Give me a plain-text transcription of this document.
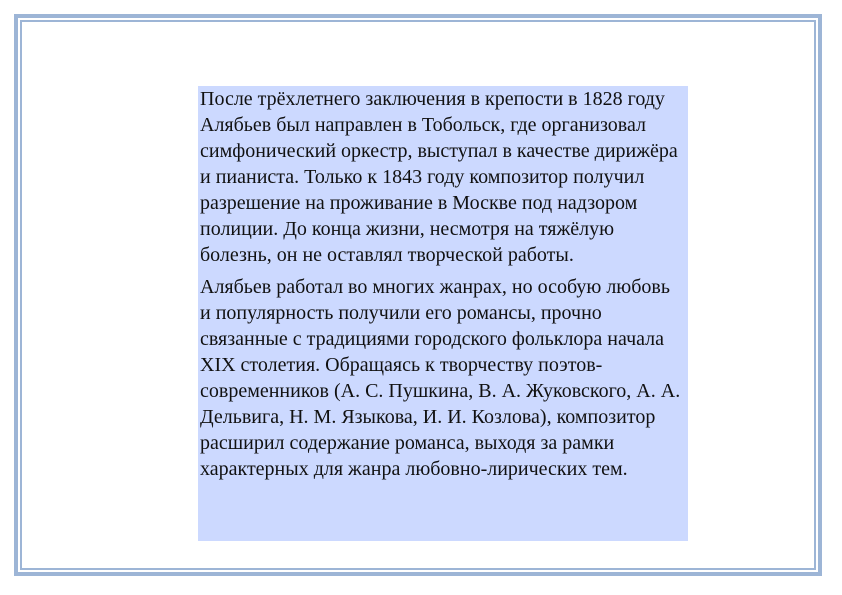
После трёхлетнего заключения в крепости в 1828 году Алябьев был направлен в Тобольск, где организовал симфонический оркестр, выступал в качестве дирижёра и пианиста. Только к 1843 году композитор получил разрешение на проживание в Москве под надзором полиции. До конца жизни, несмотря на тяжёлую болезнь, он не оставлял творческой работы.

Алябьев работал во многих жанрах, но особую любовь и популярность получили его романсы, прочно связанные с традициями городского фольклора начала XIX столетия. Обращаясь к творчеству поэтов-современников (А. С. Пушкина, В. А. Жуковского, А. А. Дельвига, Н. М. Языкова, И. И. Козлова), композитор расширил содержание романса, выходя за рамки характерных для жанра любовно-лирических тем.
